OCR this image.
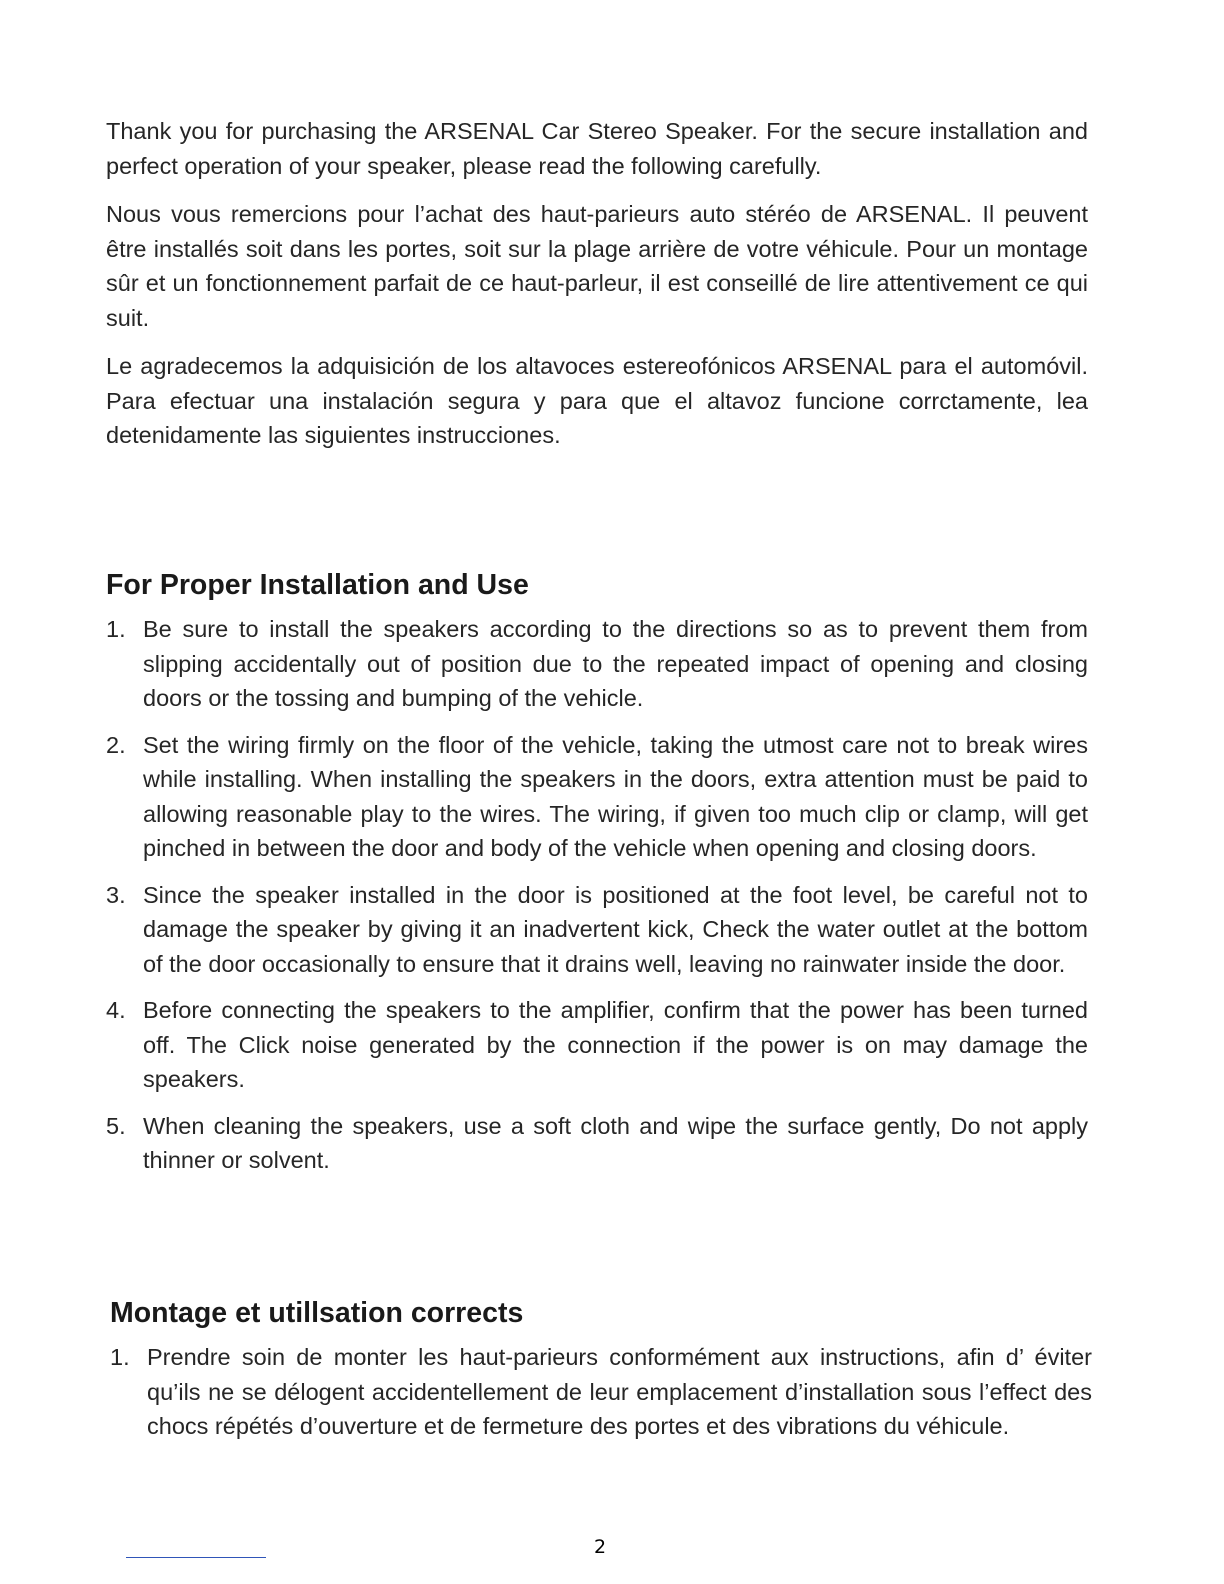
Thank you for purchasing the ARSENAL Car Stereo Speaker. For the secure installation and perfect operation of your speaker, please read the following carefully.

Nous vous remercions pour l’achat des haut-parieurs auto stéréo de ARSENAL. Il peuvent être installés soit dans les portes, soit sur la plage arrière de votre véhicule. Pour un montage sûr et un fonctionnement parfait de ce haut-parleur, il est conseillé de lire attentivement ce qui suit.

Le agradecemos la adquisición de los altavoces estereofónicos ARSENAL para el automóvil. Para efectuar una instalación segura y para que el altavoz funcione corrctamente, lea detenidamente las siguientes instrucciones.

For Proper Installation and Use
1. Be sure to install the speakers according to the directions so as to prevent them from slipping accidentally out of position due to the repeated impact of opening and closing doors or the tossing and bumping of the vehicle.
2. Set the wiring firmly on the floor of the vehicle, taking the utmost care not to break wires while installing. When installing the speakers in the doors, extra attention must be paid to allowing reasonable play to the wires. The wiring, if given too much clip or clamp, will get pinched in between the door and body of the vehicle when opening and closing doors.
3. Since the speaker installed in the door is positioned at the foot level, be careful not to damage the speaker by giving it an inadvertent kick, Check the water outlet at the bottom of the door occasionally to ensure that it drains well, leaving no rainwater inside the door.
4. Before connecting the speakers to the amplifier, confirm that the power has been turned off. The Click noise generated by the connection if the power is on may damage the speakers.
5. When cleaning the speakers, use a soft cloth and wipe the surface gently, Do not apply thinner or solvent.
Montage et utillsation corrects
1. Prendre soin de monter les haut-parieurs conformément aux instructions, afin d’ éviter qu’ils ne se délogent accidentellement de leur emplacement d’installation sous l’effect des chocs répétés d’ouverture et de fermeture des portes et des vibrations du véhicule.
2
